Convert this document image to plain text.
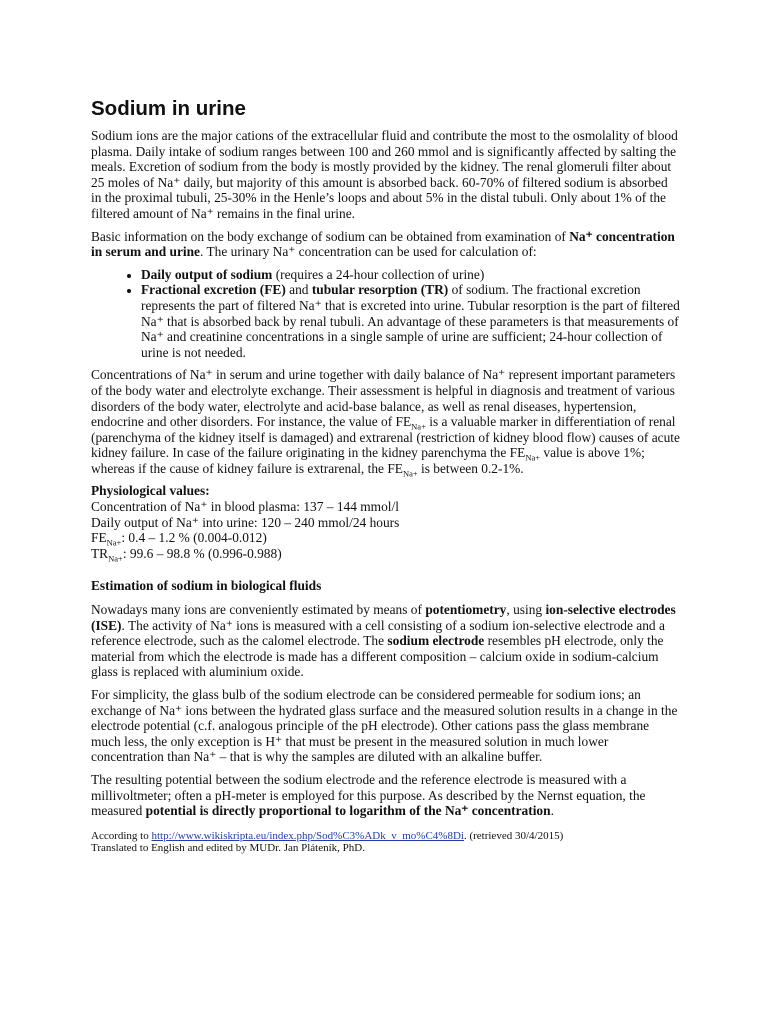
Sodium in urine

Sodium ions are the major cations of the extracellular fluid and contribute the most to the osmolality of blood plasma. Daily intake of sodium ranges between 100 and 260 mmol and is significantly affected by salting the meals. Excretion of sodium from the body is mostly provided by the kidney. The renal glomeruli filter about 25 moles of Na⁺ daily, but majority of this amount is absorbed back. 60-70% of filtered sodium is absorbed in the proximal tubuli, 25-30% in the Henle’s loops and about 5% in the distal tubuli. Only about 1% of the filtered amount of Na⁺ remains in the final urine.

Basic information on the body exchange of sodium can be obtained from examination of Na⁺ concentration in serum and urine. The urinary Na⁺ concentration can be used for calculation of:

• Daily output of sodium (requires a 24-hour collection of urine)
• Fractional excretion (FE) and tubular resorption (TR) of sodium. The fractional excretion represents the part of filtered Na⁺ that is excreted into urine. Tubular resorption is the part of filtered Na⁺ that is absorbed back by renal tubuli. An advantage of these parameters is that measurements of Na⁺ and creatinine concentrations in a single sample of urine are sufficient; 24-hour collection of urine is not needed.

Concentrations of Na⁺ in serum and urine together with daily balance of Na⁺ represent important parameters of the body water and electrolyte exchange. Their assessment is helpful in diagnosis and treatment of various disorders of the body water, electrolyte and acid-base balance, as well as renal diseases, hypertension, endocrine and other disorders. For instance, the value of $FE_{Na+}$ is a valuable marker in differentiation of renal (parenchyma of the kidney itself is damaged) and extrarenal (restriction of kidney blood flow) causes of acute kidney failure. In case of the failure originating in the kidney parenchyma the $FE_{Na+}$ value is above 1%; whereas if the cause of kidney failure is extrarenal, the $FE_{Na+}$ is between 0.2-1%.

Physiological values:
Concentration of Na⁺ in blood plasma: 137 – 144 mmol/l
Daily output of Na⁺ into urine: 120 – 240 mmol/24 hours
$FE_{Na+}$: 0.4 – 1.2 % (0.004-0.012)
$TR_{Na+}$: 99.6 – 98.8 % (0.996-0.988)
Estimation of sodium in biological fluids

Nowadays many ions are conveniently estimated by means of potentiometry, using ion-selective electrodes (ISE). The activity of Na⁺ ions is measured with a cell consisting of a sodium ion-selective electrode and a reference electrode, such as the calomel electrode. The sodium electrode resembles pH electrode, only the material from which the electrode is made has a different composition – calcium oxide in sodium-calcium glass is replaced with aluminium oxide.

For simplicity, the glass bulb of the sodium electrode can be considered permeable for sodium ions; an exchange of Na⁺ ions between the hydrated glass surface and the measured solution results in a change in the electrode potential (c.f. analogous principle of the pH electrode). Other cations pass the glass membrane much less, the only exception is H⁺ that must be present in the measured solution in much lower concentration than Na⁺ – that is why the samples are diluted with an alkaline buffer.

The resulting potential between the sodium electrode and the reference electrode is measured with a millivoltmeter; often a pH-meter is employed for this purpose. As described by the Nernst equation, the measured potential is directly proportional to logarithm of the Na⁺ concentration.

According to http://www.wikiskripta.eu/index.php/Sod%C3%ADk_v_mo%C4%8Di. (retrieved 30/4/2015)
Translated to English and edited by MUDr. Jan Pláteník, PhD.
